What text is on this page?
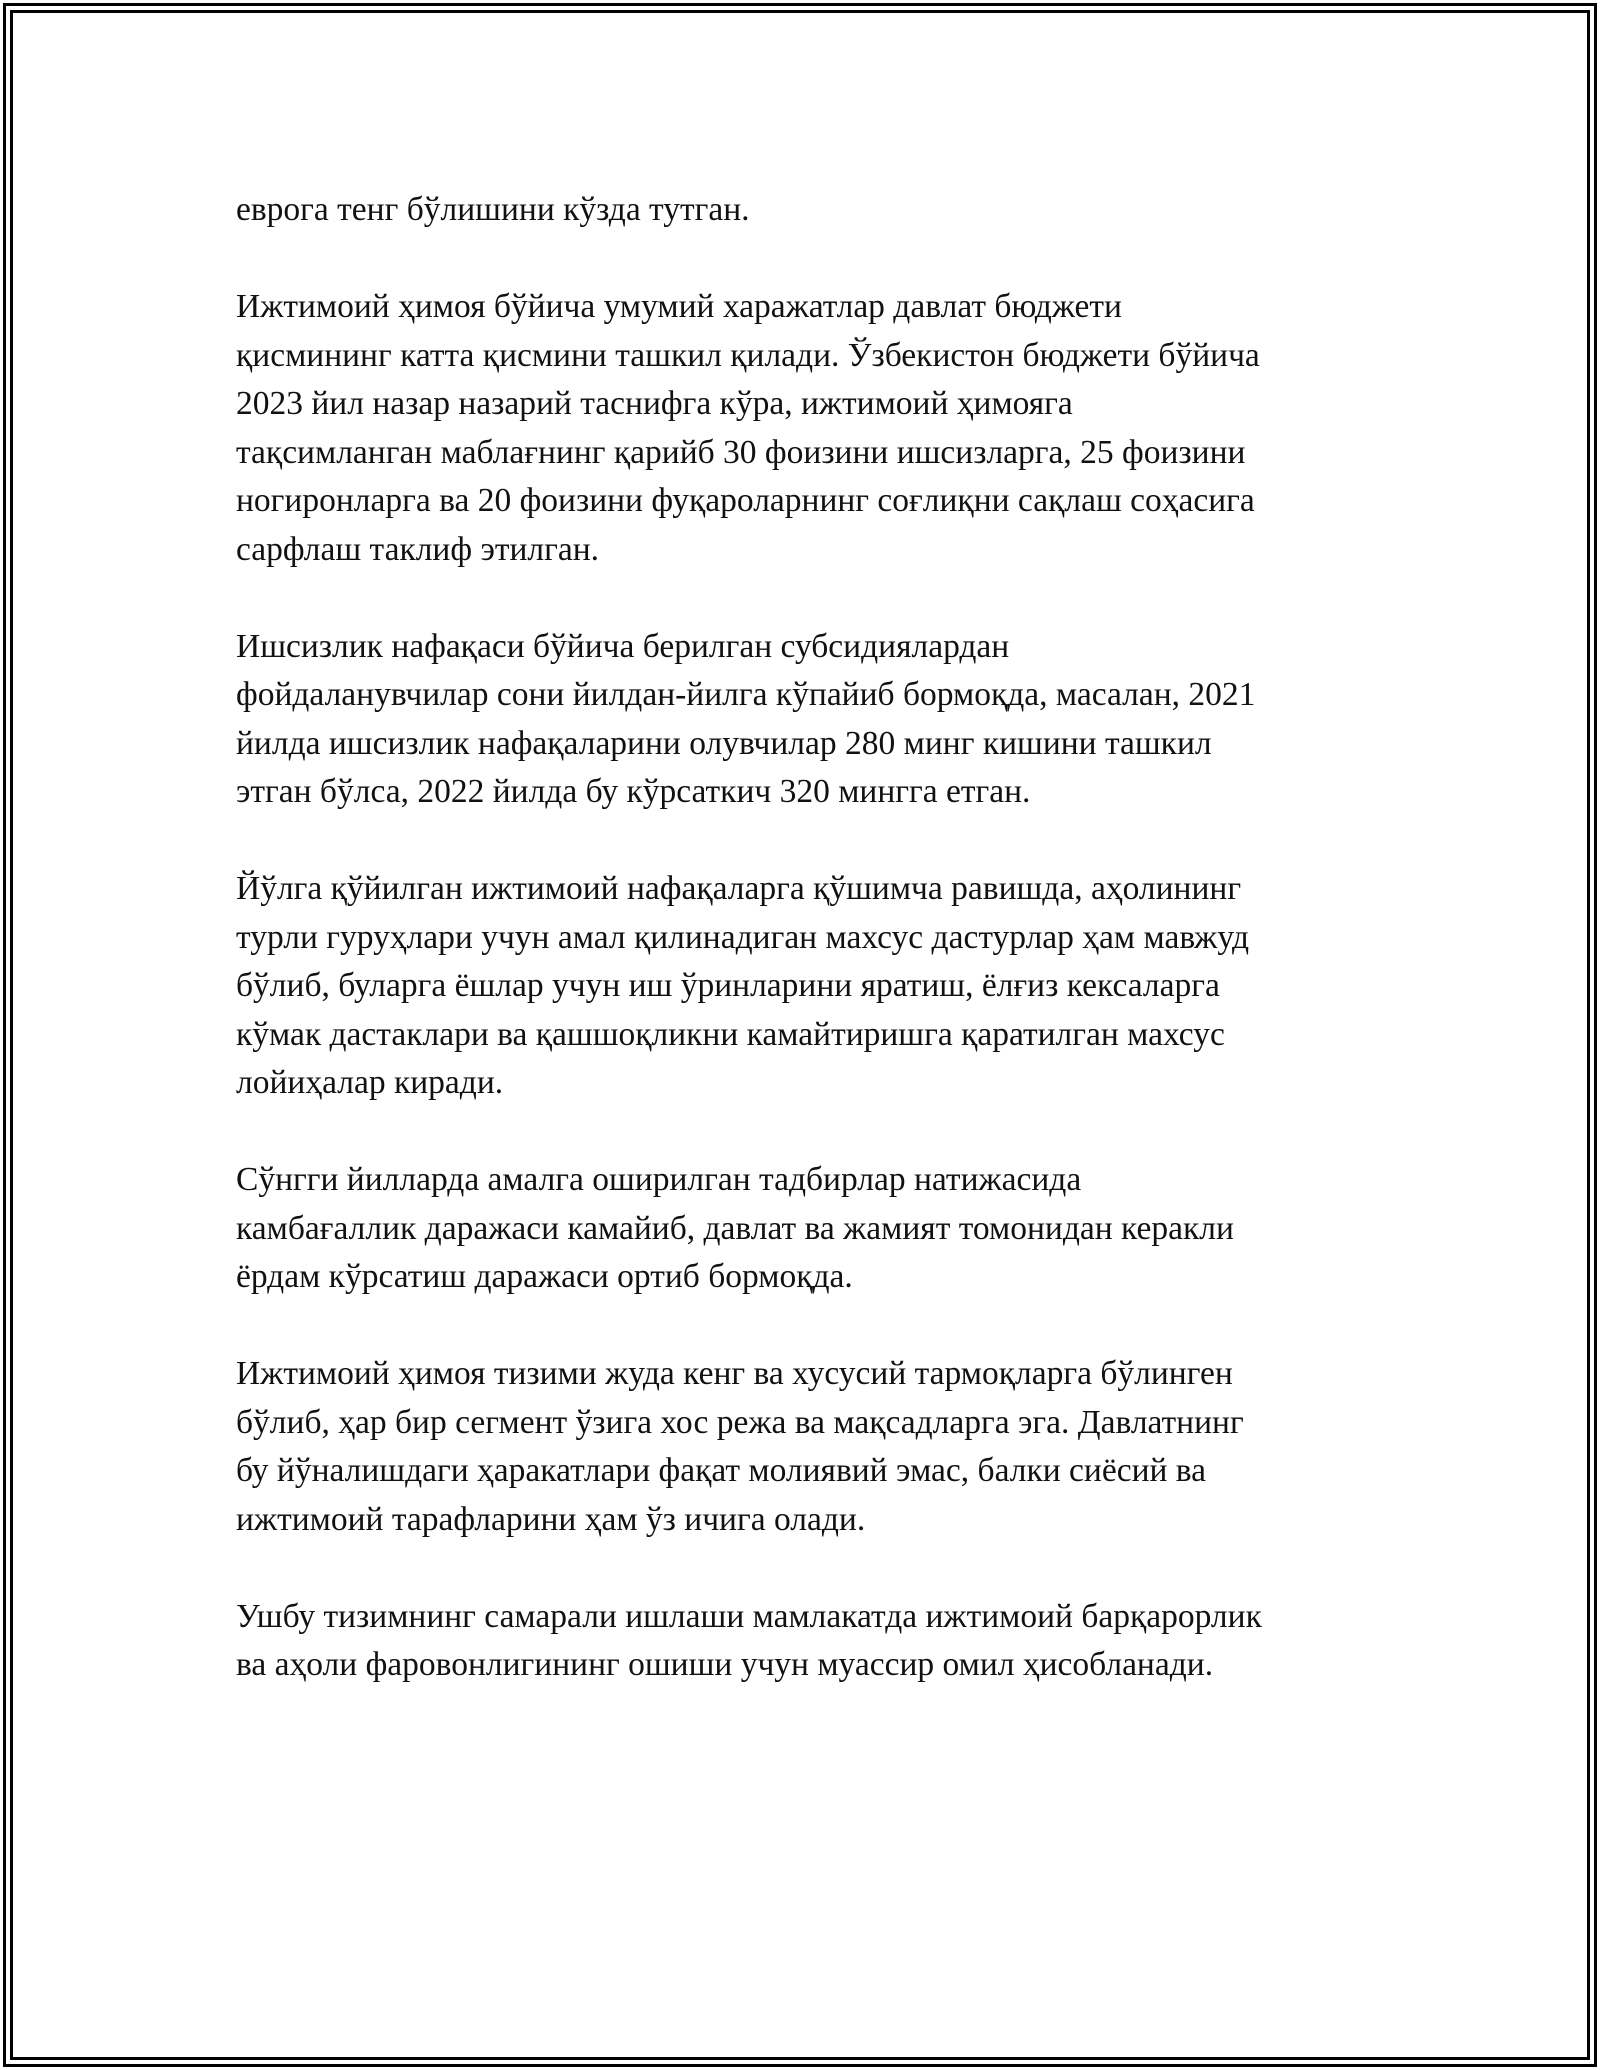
еврога тенг бўлишини кўзда тутган.

Ижтимоий ҳимоя бўйича умумий харажатлар давлат бюджети
қисмининг катта қисмини ташкил қилади. Ўзбекистон бюджети бўйича
2023 йил назар назарий таснифга кўра, ижтимоий ҳимояга
тақсимланган маблағнинг қарийб 30 фоизини ишсизларга, 25 фоизини
ногиронларга ва 20 фоизини фуқароларнинг соғлиқни сақлаш соҳасига
сарфлаш таклиф этилган.

Ишсизлик нафақаси бўйича берилган субсидиялардан
фойдаланувчилар сони йилдан-йилга кўпайиб бормоқда, масалан, 2021
йилда ишсизлик нафақаларини олувчилар 280 минг кишини ташкил
этган бўлса, 2022 йилда бу кўрсаткич 320 мингга етган.

Йўлга қўйилган ижтимоий нафақаларга қўшимча равишда, аҳолининг
турли гуруҳлари учун амал қилинадиган махсус дастурлар ҳам мавжуд
бўлиб, буларга ёшлар учун иш ўринларини яратиш, ёлғиз кексаларга
кўмак дастаклари ва қашшоқликни камайтиришга қаратилган махсус
лойиҳалар киради.

Сўнгги йилларда амалга оширилган тадбирлар натижасида
камбағаллик даражаси камайиб, давлат ва жамият томонидан керакли
ёрдам кўрсатиш даражаси ортиб бормоқда.

Ижтимоий ҳимоя тизими жуда кенг ва хусусий тармоқларга бўлинген
бўлиб, ҳар бир сегмент ўзига хос режа ва мақсадларга эга. Давлатнинг
бу йўналишдаги ҳаракатлари фақат молиявий эмас, балки сиёсий ва
ижтимоий тарафларини ҳам ўз ичига олади.

Ушбу тизимнинг самарали ишлаши мамлакатда ижтимоий барқарорлик
ва аҳоли фаровонлигининг ошиши учун муассир омил ҳисобланади.
